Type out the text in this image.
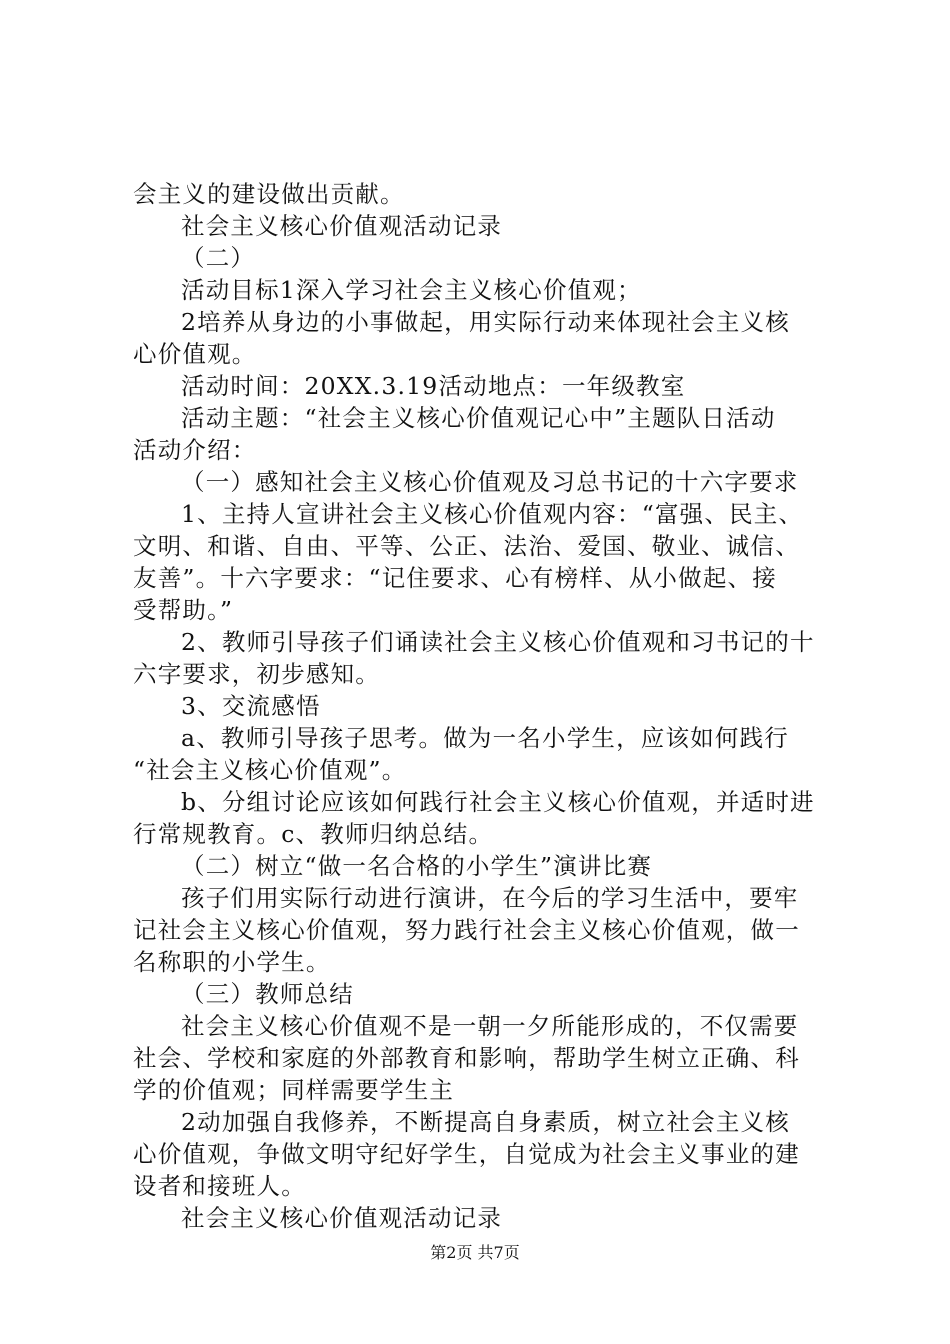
会主义的建设做出贡献。
社会主义核心价值观活动记录
（二）
活动目标1深入学习社会主义核心价值观；
2培养从身边的小事做起，用实际行动来体现社会主义核
心价值观。
活动时间：20XX.3.19活动地点：一年级教室
活动主题：“社会主义核心价值观记心中”主题队日活动
活动介绍：
（一）感知社会主义核心价值观及习总书记的十六字要求
1、主持人宣讲社会主义核心价值观内容：“富强、民主、
文明、和谐、自由、平等、公正、法治、爱国、敬业、诚信、
友善”。十六字要求：“记住要求、心有榜样、从小做起、接
受帮助。”
2、教师引导孩子们诵读社会主义核心价值观和习书记的十
六字要求，初步感知。
3、交流感悟
a、教师引导孩子思考。做为一名小学生，应该如何践行
“社会主义核心价值观”。
b、分组讨论应该如何践行社会主义核心价值观，并适时进
行常规教育。c、教师归纳总结。
（二）树立“做一名合格的小学生”演讲比赛
孩子们用实际行动进行演讲，在今后的学习生活中，要牢
记社会主义核心价值观，努力践行社会主义核心价值观，做一
名称职的小学生。
（三）教师总结
社会主义核心价值观不是一朝一夕所能形成的，不仅需要
社会、学校和家庭的外部教育和影响，帮助学生树立正确、科
学的价值观；同样需要学生主
2动加强自我修养，不断提高自身素质，树立社会主义核
心价值观，争做文明守纪好学生，自觉成为社会主义事业的建
设者和接班人。
社会主义核心价值观活动记录
第2页 共7页
